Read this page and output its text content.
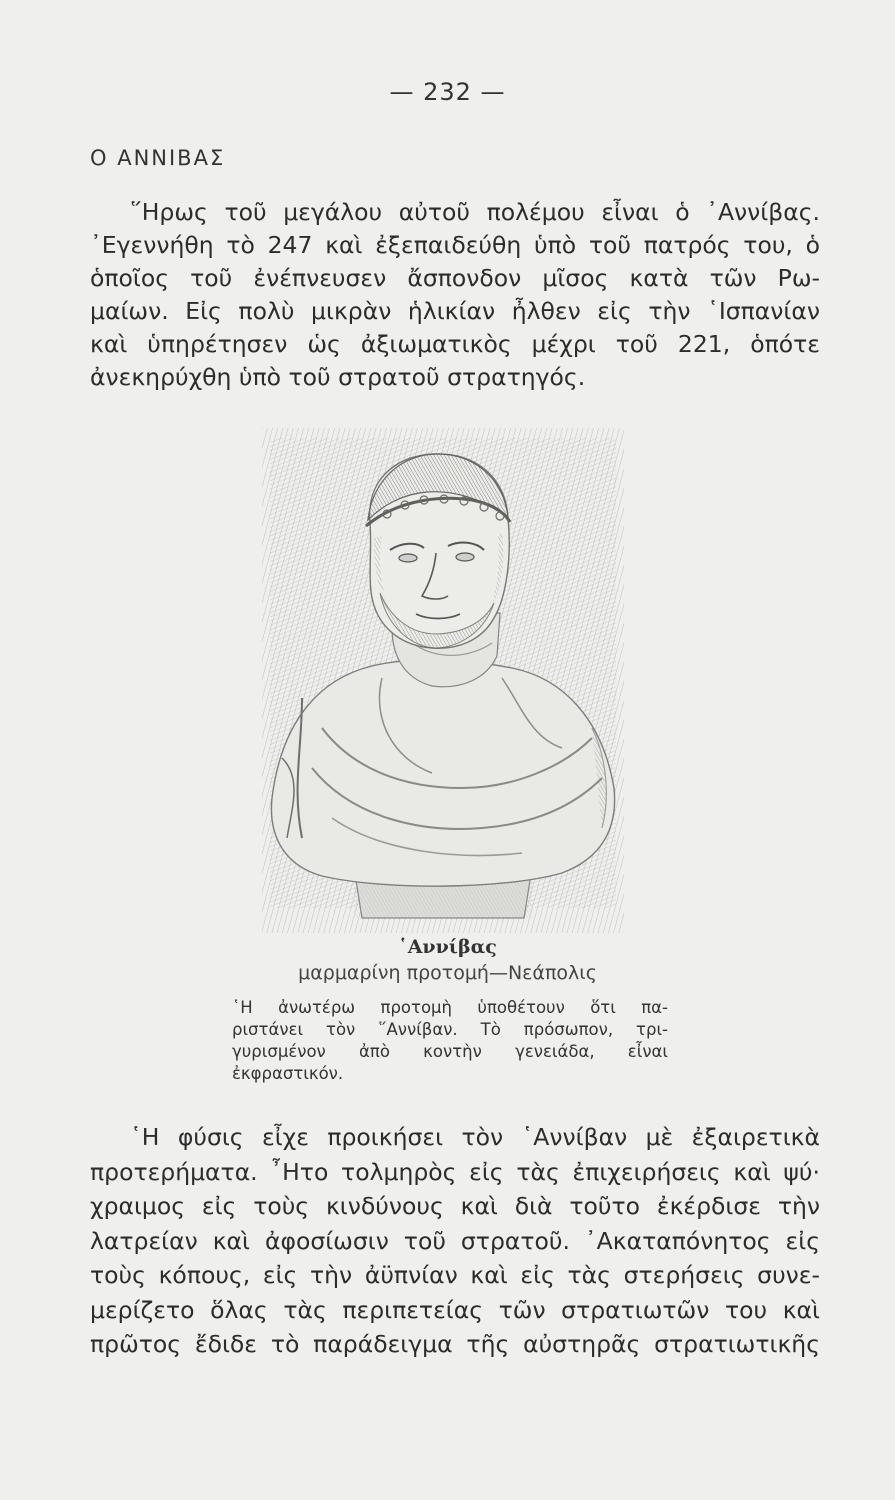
— 232 —
Ο ΑΝΝΙΒΑΣ
῞Ηρως τοῦ μεγάλου αὐτοῦ πολέμου εἶναι ὁ ᾿Αννίβας.
᾿Εγεννήθη τὸ 247 καὶ ἐξεπαιδεύθη ὑπὸ τοῦ πατρός του, ὁ
ὁποῖος τοῦ ἐνέπνευσεν ἄσπονδον μῖσος κατὰ τῶν Ρω-
μαίων. Εἰς πολὺ μικρὰν ἡλικίαν ἦλθεν εἰς τὴν ῾Ισπανίαν
καὶ ὑπηρέτησεν ὡς ἀξιωματικὸς μέχρι τοῦ 221, ὁπότε
ἀνεκηρύχθη ὑπὸ τοῦ στρατοῦ στρατηγός.
῾Αννίβας
μαρμαρίνη προτομή—Νεάπολις
῾Η ἀνωτέρω προτομὴ ὑποθέτουν ὅτι πα-
ριστάνει τὸν ῞Αννίβαν. Τὸ πρόσωπον, τρι-
γυρισμένον ἀπὸ κοντὴν γενειάδα, εἶναι
ἐκφραστικόν.
῾Η φύσις εἶχε προικήσει τὸν ῾Αννίβαν μὲ ἐξαιρετικὰ
προτερήματα. ῏Ητο τολμηρὸς εἰς τὰς ἐπιχειρήσεις καὶ ψύ·
χραιμος εἰς τοὺς κινδύνους καὶ διὰ τοῦτο ἐκέρδισε τὴν
λατρείαν καὶ ἀφοσίωσιν τοῦ στρατοῦ. ᾿Ακαταπόνητος εἰς
τοὺς κόπους, εἰς τὴν ἀϋπνίαν καὶ εἰς τὰς στερήσεις συνε-
μερίζετο ὅλας τὰς περιπετείας τῶν στρατιωτῶν του καὶ
πρῶτος ἔδιδε τὸ παράδειγμα τῆς αὐστηρᾶς στρατιωτικῆς
